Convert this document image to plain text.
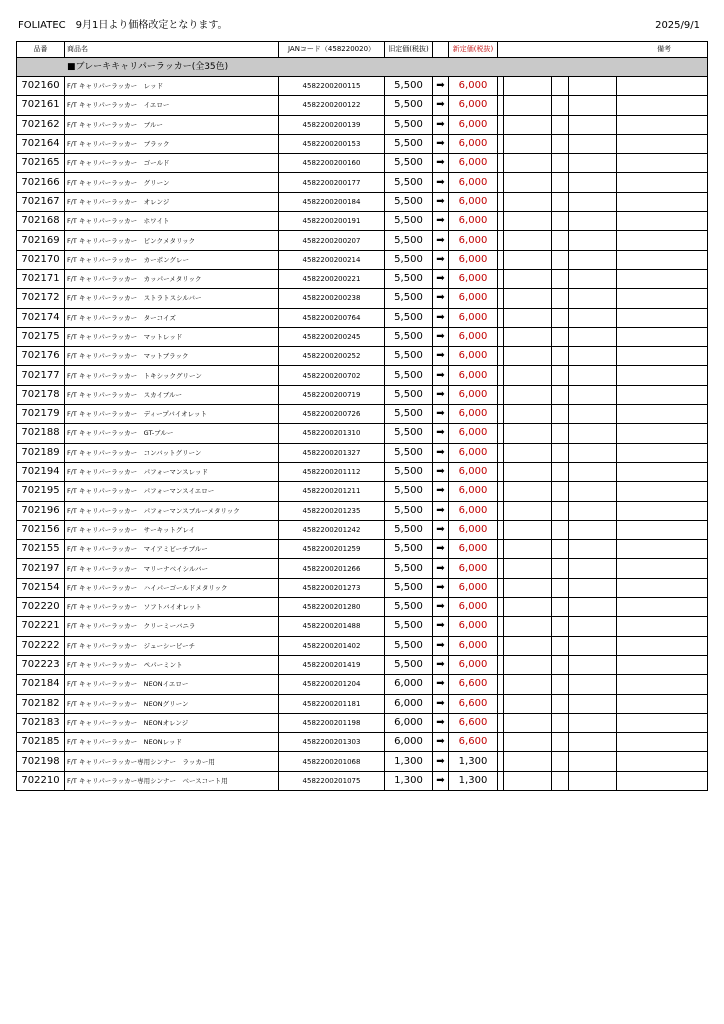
FOLIATEC　9月1日より価格改定となります。	2025/9/1
品番	商品名	JANコード（458220020）	旧定価(税抜)		新定価(税抜)	備考				
■ブレーキキャリパーラッカー(全35色)										
702160	F/T キャリパーラッカー　レッド	4582200200115	5,500	➡	6,000					
702161	F/T キャリパーラッカー　イエロー	4582200200122	5,500	➡	6,000					
702162	F/T キャリパーラッカー　ブルー	4582200200139	5,500	➡	6,000					
702164	F/T キャリパーラッカー　ブラック	4582200200153	5,500	➡	6,000					
702165	F/T キャリパーラッカー　ゴールド	4582200200160	5,500	➡	6,000					
702166	F/T キャリパーラッカー　グリーン	4582200200177	5,500	➡	6,000					
702167	F/T キャリパーラッカー　オレンジ	4582200200184	5,500	➡	6,000					
702168	F/T キャリパーラッカー　ホワイト	4582200200191	5,500	➡	6,000					
702169	F/T キャリパーラッカー　ピンクメタリック	4582200200207	5,500	➡	6,000					
702170	F/T キャリパーラッカー　カーボングレー	4582200200214	5,500	➡	6,000					
702171	F/T キャリパーラッカー　カッパーメタリック	4582200200221	5,500	➡	6,000					
702172	F/T キャリパーラッカー　ストラトスシルバー	4582200200238	5,500	➡	6,000					
702174	F/T キャリパーラッカー　ターコイズ	4582200200764	5,500	➡	6,000					
702175	F/T キャリパーラッカー　マットレッド	4582200200245	5,500	➡	6,000					
702176	F/T キャリパーラッカー　マットブラック	4582200200252	5,500	➡	6,000					
702177	F/T キャリパーラッカー　トキシックグリーン	4582200200702	5,500	➡	6,000					
702178	F/T キャリパーラッカー　スカイブルー	4582200200719	5,500	➡	6,000					
702179	F/T キャリパーラッカー　ディープバイオレット	4582200200726	5,500	➡	6,000					
702188	F/T キャリパーラッカー　GT-ブルー	4582200201310	5,500	➡	6,000					
702189	F/T キャリパーラッカー　コンバットグリーン	4582200201327	5,500	➡	6,000					
702194	F/T キャリパーラッカー　パフォーマンスレッド	4582200201112	5,500	➡	6,000					
702195	F/T キャリパーラッカー　パフォーマンスイエロー	4582200201211	5,500	➡	6,000					
702196	F/T キャリパーラッカー　パフォーマンスブルーメタリック	4582200201235	5,500	➡	6,000					
702156	F/T キャリパーラッカー　サーキットグレイ	4582200201242	5,500	➡	6,000					
702155	F/T キャリパーラッカー　マイアミビーチブルー	4582200201259	5,500	➡	6,000					
702197	F/T キャリパーラッカー　マリーナベイシルバー	4582200201266	5,500	➡	6,000					
702154	F/T キャリパーラッカー　ハイパーゴールドメタリック	4582200201273	5,500	➡	6,000					
702220	F/T キャリパーラッカー　ソフトバイオレット	4582200201280	5,500	➡	6,000					
702221	F/T キャリパーラッカー　クリーミーバニラ	4582200201488	5,500	➡	6,000					
702222	F/T キャリパーラッカー　ジューシーピーチ	4582200201402	5,500	➡	6,000					
702223	F/T キャリパーラッカー　ペパーミント	4582200201419	5,500	➡	6,000					
702184	F/T キャリパーラッカー　NEONイエロー	4582200201204	6,000	➡	6,600					
702182	F/T キャリパーラッカー　NEONグリーン	4582200201181	6,000	➡	6,600					
702183	F/T キャリパーラッカー　NEONオレンジ	4582200201198	6,000	➡	6,600					
702185	F/T キャリパーラッカー　NEONレッド	4582200201303	6,000	➡	6,600					
702198	F/T キャリパーラッカー専用シンナー　ラッカー用	4582200201068	1,300	➡	1,300					
702210	F/T キャリパーラッカー専用シンナー　ベースコート用	4582200201075	1,300	➡	1,300					
